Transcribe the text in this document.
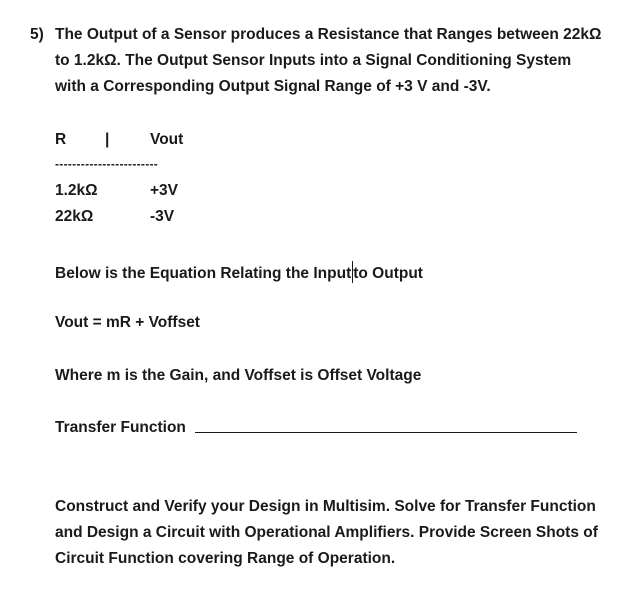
5) The Output of a Sensor produces a Resistance that Ranges between 22kΩ
to 1.2kΩ. The Output Sensor Inputs into a Signal Conditioning System
with a Corresponding Output Signal Range of +3 V and -3V.
R	|	Vout
------------------------
1.2kΩ	+3V
22kΩ	-3V
Below is the Equation Relating the Input to Output
Vout = mR + Voffset
Where m is the Gain, and Voffset is Offset Voltage
Transfer Function
Construct and Verify your Design in Multisim. Solve for Transfer Function
and Design a Circuit with Operational Amplifiers. Provide Screen Shots of
Circuit Function covering Range of Operation.
